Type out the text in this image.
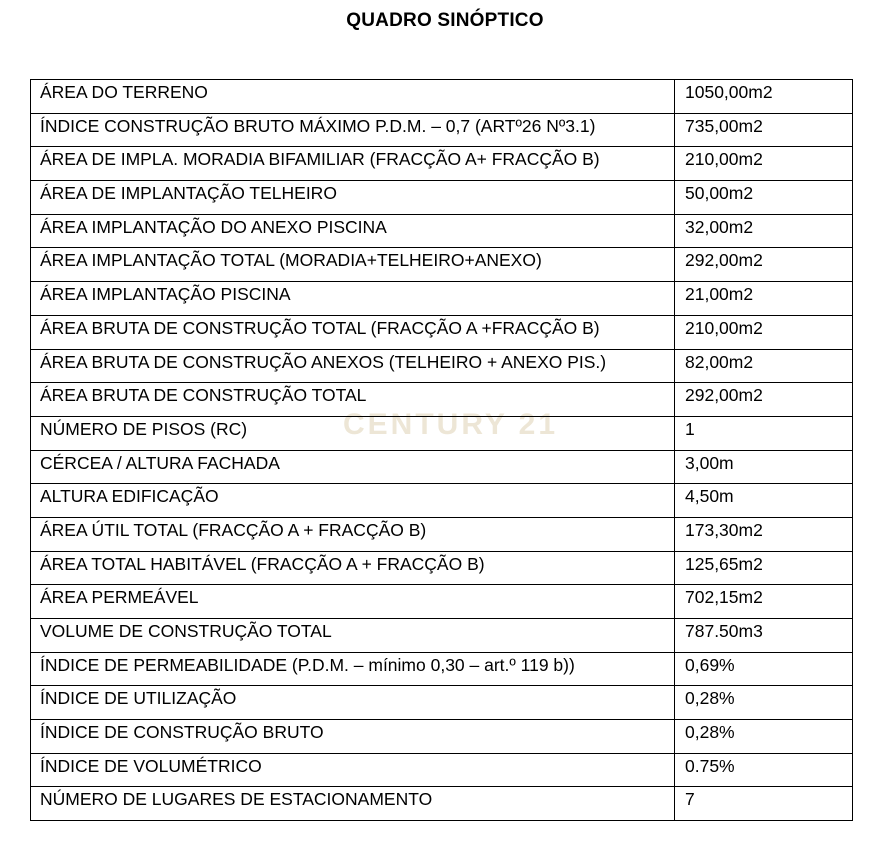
QUADRO SINÓPTICO
CENTURY 21
ÁREA DO TERRENO	1050,00m2
ÍNDICE CONSTRUÇÃO BRUTO MÁXIMO P.D.M. – 0,7 (ARTº26 Nº3.1)	735,00m2
ÁREA DE IMPLA. MORADIA BIFAMILIAR (FRACÇÃO A+ FRACÇÃO B)	210,00m2
ÁREA DE IMPLANTAÇÃO TELHEIRO	50,00m2
ÁREA IMPLANTAÇÃO DO ANEXO PISCINA	32,00m2
ÁREA IMPLANTAÇÃO TOTAL (MORADIA+TELHEIRO+ANEXO)	292,00m2
ÁREA IMPLANTAÇÃO PISCINA	21,00m2
ÁREA BRUTA DE CONSTRUÇÃO TOTAL (FRACÇÃO A +FRACÇÃO B)	210,00m2
ÁREA BRUTA DE CONSTRUÇÃO ANEXOS (TELHEIRO + ANEXO PIS.)	82,00m2
ÁREA BRUTA DE CONSTRUÇÃO TOTAL	292,00m2
NÚMERO DE PISOS (RC)	1
CÉRCEA / ALTURA FACHADA	3,00m
ALTURA EDIFICAÇÃO	4,50m
ÁREA ÚTIL TOTAL (FRACÇÃO A + FRACÇÃO B)	173,30m2
ÁREA TOTAL HABITÁVEL (FRACÇÃO A + FRACÇÃO B)	125,65m2
ÁREA PERMEÁVEL	702,15m2
VOLUME DE CONSTRUÇÃO TOTAL	787.50m3
ÍNDICE DE PERMEABILIDADE (P.D.M. – mínimo 0,30 – art.º 119 b))	0,69%
ÍNDICE DE UTILIZAÇÃO	0,28%
ÍNDICE DE CONSTRUÇÃO BRUTO	0,28%
ÍNDICE DE VOLUMÉTRICO	0.75%
NÚMERO DE LUGARES DE ESTACIONAMENTO	7
